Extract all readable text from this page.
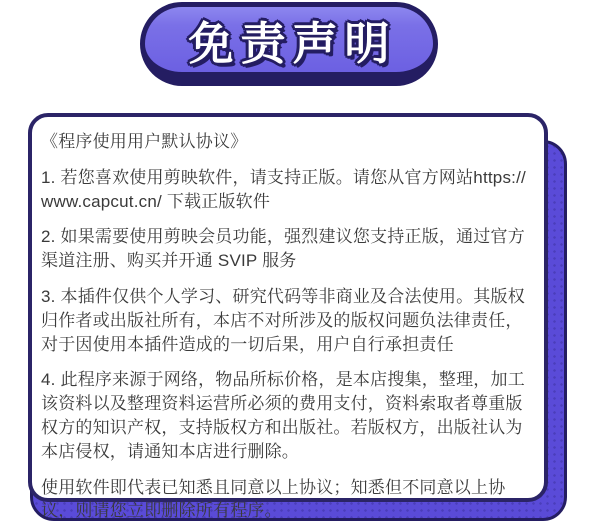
《程序使用用户默认协议》

1. 若您喜欢使用剪映软件，请支持正版。请您从官方网站https://www.capcut.cn/ 下载正版软件

2. 如果需要使用剪映会员功能，强烈建议您支持正版，通过官方渠道注册、购买并开通 SVIP 服务

3. 本插件仅供个人学习、研究代码等非商业及合法使用。其版权归作者或出版社所有，本店不对所涉及的版权问题负法律责任，对于因使用本插件造成的一切后果，用户自行承担责任

4. 此程序来源于网络，物品所标价格，是本店搜集，整理，加工该资料以及整理资料运营所必须的费用支付，资料索取者尊重版权方的知识产权，支持版权方和出版社。若版权方，出版社认为本店侵权，请通知本店进行删除。

使用软件即代表已知悉且同意以上协议；知悉但不同意以上协议，则请您立即删除所有程序。

免责声明
